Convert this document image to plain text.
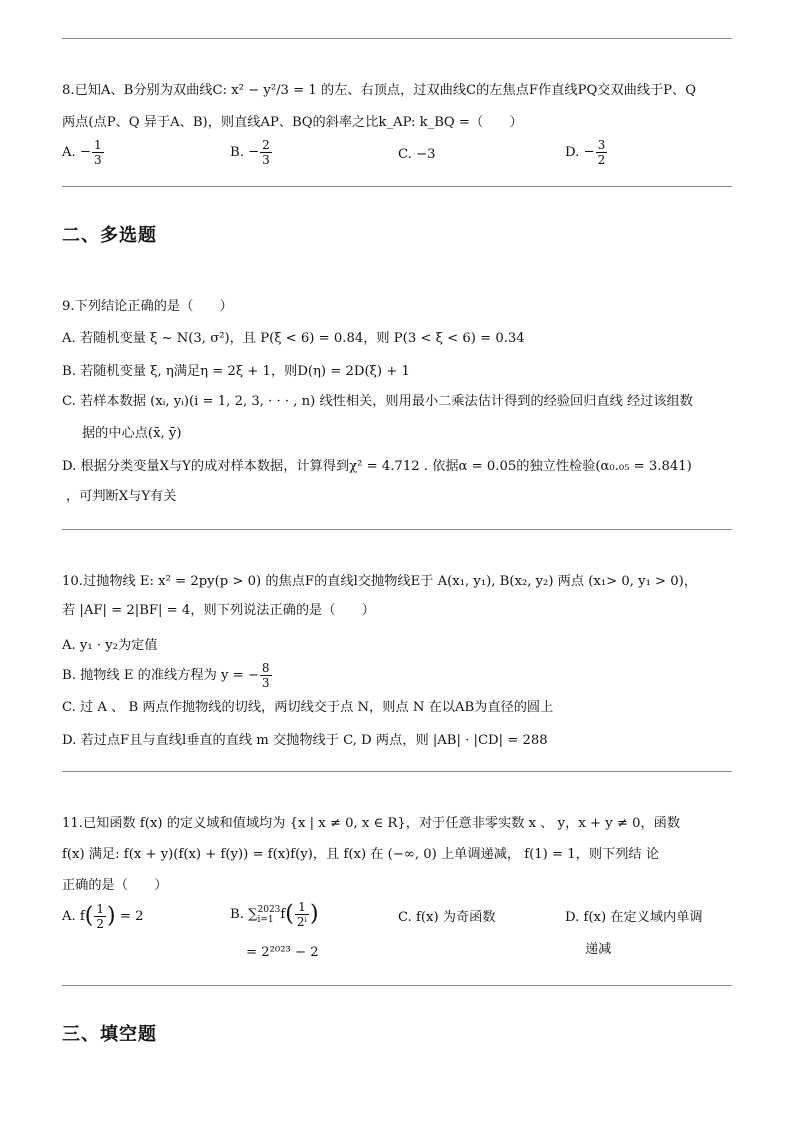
8.已知A、B分别为双曲线C: x² − y²/3 = 1 的左、右顶点，过双曲线C的左焦点F作直线PQ交双曲线于P、Q
两点(点P、Q 异于A、B)，则直线AP、BQ的斜率之比k_AP: k_BQ =（　　）
A. − $\frac{1}{3}$	B. − $\frac{2}{3}$	C. −3	D. − $\frac{3}{2}$
二、多选题
9.下列结论正确的是（　　）
A. 若随机变量 ξ ~ N(3, σ²)，且 P(ξ < 6) = 0.84，则 P(3 < ξ < 6) = 0.34
B. 若随机变量 ξ, η满足η = 2ξ + 1，则D(η) = 2D(ξ) + 1
C. 若样本数据 (xᵢ, yᵢ)(i = 1, 2, 3, · · · , n) 线性相关，则用最小二乘法估计得到的经验回归直线 经过该组数
据的中心点(x̄, ȳ)
D. 根据分类变量X与Y的成对样本数据，计算得到χ² = 4.712 . 依据α = 0.05的独立性检验(α₀.₀₅ = 3.841)
，可判断X与Y有关
10.过抛物线 E: x² = 2py(p > 0) 的焦点F的直线l交抛物线E于 A(x₁, y₁), B(x₂, y₂) 两点 (x₁> 0, y₁ > 0)，
若 |AF| = 2|BF| = 4，则下列说法正确的是（　　）
A. y₁ · y₂为定值
B. 抛物线 E 的准线方程为 y = − $\frac{8}{3}$
C. 过 A 、 B 两点作抛物线的切线，两切线交于点 N，则点 N 在以AB为直径的圆上
D. 若过点F且与直线l垂直的直线 m 交抛物线于 C, D 两点，则 |AB| · |CD| = 288
11.已知函数 f(x) 的定义域和值域均为 {x | x ≠ 0, x ∈ R}，对于任意非零实数 x 、 y，x + y ≠ 0，函数
f(x) 满足: f(x + y)(f(x) + f(y)) = f(x)f(y)，且 f(x) 在 (−∞, 0) 上单调递减， f(1) = 1，则下列结 论
正确的是（　　）
A. $f( \frac{1}{2}$ ) = 2	B. ∑ 2023
i=1 $f( \frac{1}{\text{2ⁱ}}$ )
= 2²⁰²³ − 2
C. f(x) 为奇函数	D. f(x) 在定义域内单调
递减
三、填空题
